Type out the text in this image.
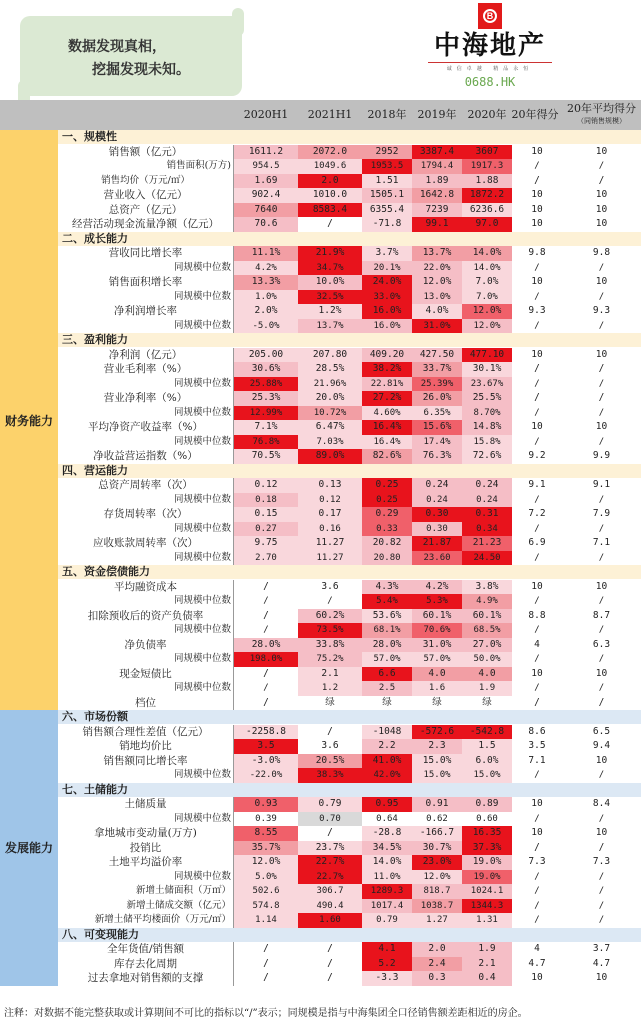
数据发现真相，
挖掘发现未知。
B
中海地产
诚信卓越 精品永恒
0688.HK
2020H1	2021H1	2018年	2019年	2020年 20年得分 20年平均得分
（同销售规模）
一、规模性
销售额（亿元）	1611.2	2072.0	2952	3387.4	3607	10	10
销售面积(万方)	954.5	1049.6	1953.5	1794.4	1917.3	/	/
销售均价（万元/㎡）	1.69	2.0	1.51	1.89	1.88	/	/
营业收入（亿元）	902.4	1010.0	1505.1	1642.8	1872.2	10	10
总资产（亿元）	7640	8583.4	6355.4	7239	6236.6	10	10
经营活动现金流量净额（亿元）	70.6	/	-71.8	99.1	97.0	10	10
二、成长能力
营收同比增长率	11.1%	21.9%	3.7%	13.7%	14.0%	9.8	9.8
同规模中位数	4.2%	34.7%	20.1%	22.0%	14.0%	/	/
销售面积增长率	13.3%	10.0%	24.0%	12.0%	7.0%	10	10
同规模中位数	1.0%	32.5%	33.0%	13.0%	7.0%	/	/
净利润增长率	2.0%	1.2%	16.0%	4.0%	12.0%	9.3	9.3
同规模中位数	-5.0%	13.7%	16.0%	31.0%	12.0%	/	/
三、盈利能力
净利润（亿元）	205.00	207.80	409.20	427.50	477.10	10	10
营业毛利率（%）	30.6%	28.5%	38.2%	33.7%	30.1%	/	/
同规模中位数	25.88%	21.96%	22.81%	25.39%	23.67%	/	/
营业净利率（%）	25.3%	20.0%	27.2%	26.0%	25.5%	/	/
同规模中位数	12.99%	10.72%	4.60%	6.35%	8.70%	/	/
平均净资产收益率（%）	7.1%	6.47%	16.4%	15.6%	14.8%	10	10
同规模中位数	76.8%	7.03%	16.4%	17.4%	15.8%	/	/
净收益营运指数（%）	70.5%	89.0%	82.6%	76.3%	72.6%	9.2	9.9
四、营运能力
总资产周转率（次）	0.12	0.13	0.25	0.24	0.24	9.1	9.1
同规模中位数	0.18	0.12	0.25	0.24	0.24	/	/
存货周转率（次）	0.15	0.17	0.29	0.30	0.31	7.2	7.9
同规模中位数	0.27	0.16	0.33	0.30	0.34	/	/
应收账款周转率（次）	9.75	11.27	20.82	21.87	21.23	6.9	7.1
同规模中位数	2.70	11.27	20.80	23.60	24.50	/	/
五、资金偿债能力
平均融资成本	/	3.6	4.3%	4.2%	3.8%	10	10
同规模中位数	/	/	5.4%	5.3%	4.9%	/	/
扣除预收后的资产负债率	/	60.2%	53.6%	60.1%	60.1%	8.8	8.7
同规模中位数	/	73.5%	68.1%	70.6%	68.5%	/	/
净负债率	28.0%	33.8%	28.0%	31.0%	27.0%	4	6.3
同规模中位数	198.0%	75.2%	57.0%	57.0%	50.0%	/	/
现金短债比	/	2.1	6.6	4.0	4.0	10	10
同规模中位数	/	1.2	2.5	1.6	1.9	/	/
档位	/	绿	绿	绿	绿	/	/
六、市场份额
销售额合理性差值（亿元）	-2258.8	/	-1048	-572.6	-542.8	8.6	6.5
销地均价比	3.5	3.6	2.2	2.3	1.5	3.5	9.4
销售额同比增长率	-3.0%	20.5%	41.0%	15.0%	6.0%	7.1	10
同规模中位数	-22.0%	38.3%	42.0%	15.0%	15.0%	/	/
七、土储能力
土储质量	0.93	0.79	0.95	0.91	0.89	10	8.4
同规模中位数	0.39	0.70	0.64	0.62	0.60	/	/
拿地城市变动量(万方)	8.55	/	-28.8	-166.7	16.35	10	10
投销比	35.7%	23.7%	34.5%	30.7%	37.3%	/	/
土地平均溢价率	12.0%	22.7%	14.0%	23.0%	19.0%	7.3	7.3
同规模中位数	5.0%	22.7%	11.0%	12.0%	19.0%	/	/
新增土储面积（万㎡）	502.6	306.7	1289.3	818.7	1024.1	/	/
新增土储成交额（亿元）	574.8	490.4	1017.4	1038.7	1344.3	/	/
新增土储平均楼面价（万元/㎡）	1.14	1.60	0.79	1.27	1.31	/	/
八、可变现能力
全年货值/销售额	/	/	4.1	2.0	1.9	4	3.7
库存去化周期	/	/	5.2	2.4	2.1	4.7	4.7
过去拿地对销售额的支撑	/	/	-3.3	0.3	0.4	10	10
财务能力
发展能力
注释：对数据不能完整获取或计算期间不可比的指标以“/”表示；同规模是指与中海集团全口径销售额差距相近的房企。
